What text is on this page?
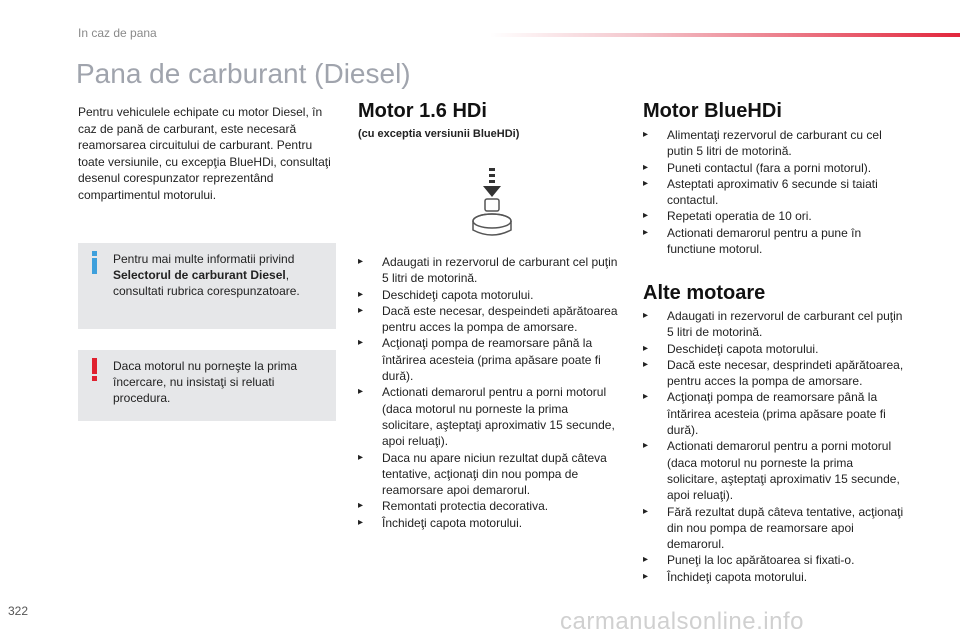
In caz de pana
Pana de carburant (Diesel)
Pentru vehiculele echipate cu motor Diesel, în caz de pană de carburant, este necesară reamorsarea circuitului de carburant. Pentru toate versiunile, cu excepţia BlueHDi, consultaţi desenul corespunzator reprezentând compartimentul motorului.
Pentru mai multe informatii privind Selectorul de carburant Diesel, consultati rubrica corespunzatoare.
Daca motorul nu porneşte la prima încercare, nu insistaţi si reluati procedura.
Motor 1.6 HDi
(cu exceptia versiunii BlueHDi)
▸ Adaugati in rezervorul de carburant cel puţin 5 litri de motorină.
▸ Deschideţi capota motorului.
▸ Dacă este necesar, despeindeti apărătoarea pentru acces la pompa de amorsare.
▸ Acţionaţi pompa de reamorsare până la întărirea acesteia (prima apăsare poate fi dură).
▸ Actionati demarorul pentru a porni motorul (daca motorul nu porneste la prima solicitare, aşteptaţi aproximativ 15 secunde, apoi reluaţi).
▸ Daca nu apare niciun rezultat după câteva tentative, acţionaţi din nou pompa de reamorsare apoi demarorul.
▸ Remontati protectia decorativa.
▸ Închideţi capota motorului.
Motor BlueHDi
▸ Alimentaţi rezervorul de carburant cu cel putin 5 litri de motorină.
▸ Puneti contactul (fara a porni motorul).
▸ Asteptati aproximativ 6 secunde si taiati contactul.
▸ Repetati operatia de 10 ori.
▸ Actionati demarorul pentru a pune în functiune motorul.
Alte motoare
▸ Adaugati in rezervorul de carburant cel puţin 5 litri de motorină.
▸ Deschideţi capota motorului.
▸ Dacă este necesar, desprindeti apărătoarea, pentru acces la pompa de amorsare.
▸ Acţionaţi pompa de reamorsare până la întărirea acesteia (prima apăsare poate fi dură).
▸ Actionati demarorul pentru a porni motorul (daca motorul nu porneste la prima solicitare, aşteptaţi aproximativ 15 secunde, apoi reluaţi).
▸ Fără rezultat după câteva tentative, acţionaţi din nou pompa de reamorsare apoi demarorul.
▸ Puneţi la loc apărătoarea si fixati-o.
▸ Închideţi capota motorului.
322	carmanualsonline.info
